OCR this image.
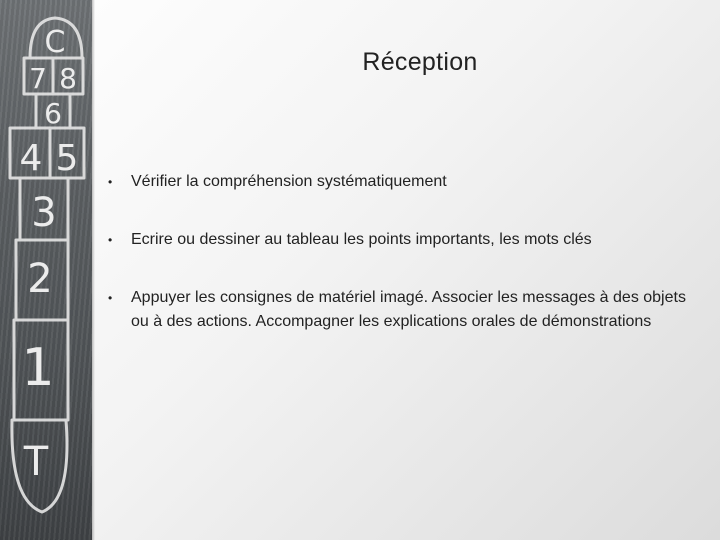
C
7 8
6
4 5
3
2
1
T
Réception
• Vérifier la compréhension systématiquement
• Ecrire ou dessiner au tableau les points importants, les mots clés
• Appuyer les consignes de matériel imagé. Associer les messages à des objets ou à des actions. Accompagner les explications orales de démonstrations
